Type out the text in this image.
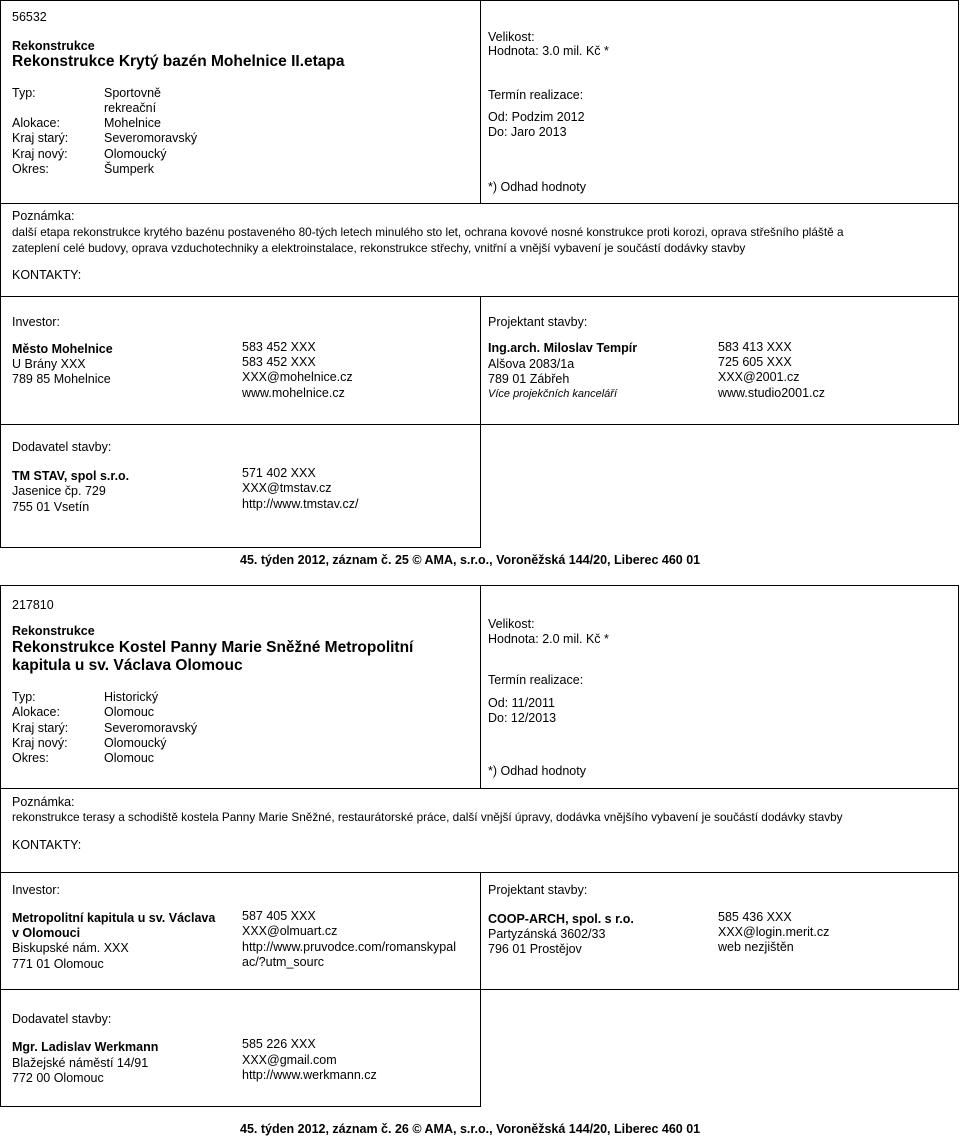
56532
Rekonstrukce
Rekonstrukce Krytý bazén Mohelnice II.etapa
Typ:	Sportovně
rekreační
Alokace:	Mohelnice
Kraj starý:	Severomoravský
Kraj nový:	Olomoucký
Okres:	Šumperk
Velikost:
Hodnota: 3.0 mil. Kč *
Termín realizace:
Od: Podzim 2012
Do: Jaro 2013
*) Odhad hodnoty
Poznámka:
další etapa rekonstrukce krytého bazénu postaveného 80-tých letech minulého sto let, ochrana kovové nosné konstrukce proti korozi, oprava střešního pláště a
zateplení celé budovy, oprava vzduchotechniky a elektroinstalace, rekonstrukce střechy, vnitřní a vnější vybavení je součástí dodávky stavby
KONTAKTY:
Investor:
Město Mohelnice
U Brány XXX
789 85 Mohelnice
583 452 XXX
583 452 XXX
XXX@mohelnice.cz
www.mohelnice.cz
Projektant stavby:
Ing.arch. Miloslav Tempír
Alšova 2083/1a
789 01 Zábřeh
Více projekčních kanceláří
583 413 XXX
725 605 XXX
XXX@2001.cz
www.studio2001.cz
Dodavatel stavby:
TM STAV, spol s.r.o.
Jasenice čp. 729
755 01 Vsetín
571 402 XXX
XXX@tmstav.cz
http://www.tmstav.cz/
45. týden 2012, záznam č. 25 © AMA, s.r.o., Voroněžská 144/20, Liberec 460 01
217810
Rekonstrukce
Rekonstrukce Kostel Panny Marie Sněžné Metropolitní
kapitula u sv. Václava Olomouc
Typ:	Historický
Alokace:	Olomouc
Kraj starý:	Severomoravský
Kraj nový:	Olomoucký
Okres:	Olomouc
Velikost:
Hodnota: 2.0 mil. Kč *
Termín realizace:
Od: 11/2011
Do: 12/2013
*) Odhad hodnoty
Poznámka:
rekonstrukce terasy a schodiště kostela Panny Marie Sněžné, restaurátorské práce, další vnější úpravy, dodávka vnějšího vybavení je součástí dodávky stavby
KONTAKTY:
Investor:
Metropolitní kapitula u sv. Václava
v Olomouci
Biskupské nám. XXX
771 01 Olomouc
587 405 XXX
XXX@olmuart.cz
http://www.pruvodce.com/romanskypal
ac/?utm_sourc
Projektant stavby:
COOP-ARCH, spol. s r.o.
Partyzánská 3602/33
796 01 Prostějov
585 436 XXX
XXX@login.merit.cz
web nezjištěn
Dodavatel stavby:
Mgr. Ladislav Werkmann
Blažejské náměstí 14/91
772 00 Olomouc
585 226 XXX
XXX@gmail.com
http://www.werkmann.cz
45. týden 2012, záznam č. 26 © AMA, s.r.o., Voroněžská 144/20, Liberec 460 01
